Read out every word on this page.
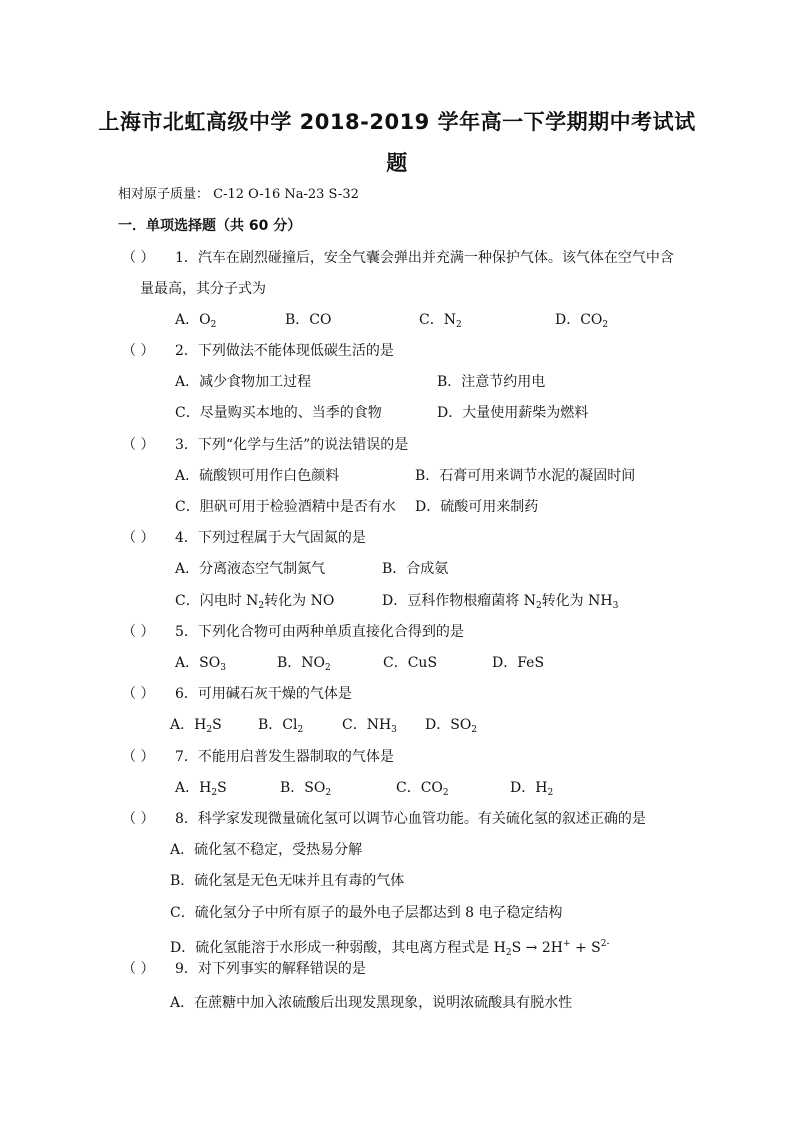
上海市北虹高级中学 2018-2019 学年高一下学期期中考试试
题
相对原子质量： C-12 O-16 Na-23 S-32
一．单项选择题（共 60 分）
（ ） 1．汽车在剧烈碰撞后，安全气囊会弹出并充满一种保护气体。该气体在空气中含
量最高，其分子式为
A．$O_2$	B．CO	C．$N_2$	D．$CO_2$
（ ） 2．下列做法不能体现低碳生活的是
A．减少食物加工过程	B．注意节约用电
C．尽量购买本地的、当季的食物	D．大量使用薪柴为燃料
（ ） 3．下列“化学与生活”的说法错误的是
A．硫酸钡可用作白色颜料	B．石膏可用来调节水泥的凝固时间
C．胆矾可用于检验酒精中是否有水 D．硫酸可用来制药
（ ） 4．下列过程属于大气固氮的是
A．分离液态空气制氮气	B．合成氨
C．闪电时 $N_2$转化为 NO	D．豆科作物根瘤菌将 $N_2$转化为 $NH_3$
（ ） 5．下列化合物可由两种单质直接化合得到的是
A．$SO_3$	B．$NO_2$	C．CuS	D．FeS
（ ） 6．可用碱石灰干燥的气体是
A．$H_2S$	B．$Cl_2$	C．$NH_3$ D．$SO_2$
（ ） 7．不能用启普发生器制取的气体是
A．$H_2S$	B．$SO_2$	C．$CO_2$	D．$H_2$
（ ） 8．科学家发现微量硫化氢可以调节心血管功能。有关硫化氢的叙述正确的是
A．硫化氢不稳定，受热易分解
B．硫化氢是无色无味并且有毒的气体
C．硫化氢分子中所有原子的最外电子层都达到 8 电子稳定结构
D．硫化氢能溶于水形成一种弱酸，其电离方程式是 $H_2S \to 2H^+ + S^{2-}$
（ ） 9．对下列事实的解释错误的是
A．在蔗糖中加入浓硫酸后出现发黑现象，说明浓硫酸具有脱水性
